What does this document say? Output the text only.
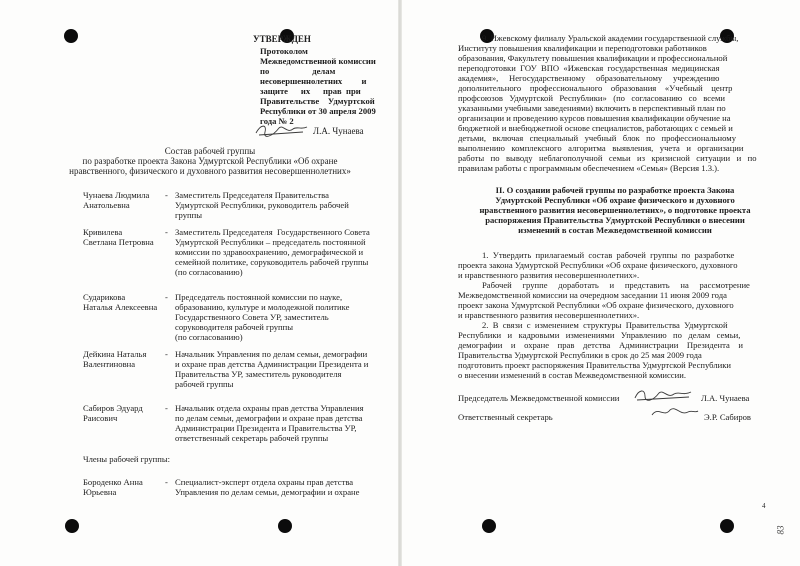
УТВЕРЖДЕН
Протоколом
Межведомственной комиссии
по                    делам
несовершеннолетних         и
защите      их      прав  при
Правительстве    Удмуртской
Республики от 30 апреля 2009
года № 2
Л.А. Чунаева
Состав рабочей группы
по разработке проекта Закона Удмуртской Республики «Об охране
нравственного, физического и духовного развития несовершеннолетних»
Чунаева Людмила
Анатольевна
- Заместитель Председателя Правительства
Удмуртской Республики, руководитель рабочей
группы
Кривилева
Светлана Петровна
- Заместитель Председателя  Государственного Совета
Удмуртской Республики – председатель постоянной
комиссии по здравоохранению, демографической и
семейной политике, соруководитель рабочей группы
(по согласованию)
Сударикова
Наталья Алексеевна
- Председатель постоянной комиссии по науке,
образованию, культуре и молодежной политике
Государственного Совета УР, заместитель
соруководителя рабочей группы
(по согласованию)
Дейкина Наталья
Валентиновна
- Начальник Управления по делам семьи, демографии
и охране прав детства Администрации Президента и
Правительства УР, заместитель руководителя
рабочей группы
Сабиров Эдуард
Раисович
- Начальник отдела охраны прав детства Управления
по делам семьи, демографии и охране прав детства
Администрации Президента и Правительства УР,
ответственный секретарь рабочей группы
Члены рабочей группы:
Бороденко Анна
Юрьевна
- Специалист-эксперт отдела охраны прав детства
Управления по делам семьи, демографии и охране
9. Ижевскому филиалу Уральской академии государственной службы,
Институту повышения квалификации и переподготовки работников
образования, Факультету повышения квалификации и профессиональной
переподготовки  ГОУ  ВПО  «Ижевская  государственная  медицинская
академия»,     Негосударственному     образовательному     учреждению
дополнительного    профессионального    образования    «Учебный    центр
профсоюзов   Удмуртской   Республики»   (по   согласованию   со   всеми
указанными учебными заведениями) включить в перспективный план по
организации и проведению курсов повышения квалификации обучение на
бюджетной и внебюджетной основе специалистов, работающих с семьей и
детьми,   включая   специальный   учебный   блок   по   профессиональному
выполнению   комплексного   алгоритма   выявления,   учета   и   организации
работы   по   выводу   неблагополучной   семьи   из   кризисной   ситуации   и   по
правилам работы с программным обеспечением «Семья» (Версия 1.3.).
II. О создании рабочей группы по разработке проекта Закона
Удмуртской Республики «Об охране физического и духовного
нравственного развития несовершеннолетних», о подготовке проекта
распоряжения Правительства Удмуртской Республики о внесении
изменений в состав Межведомственной комиссии
1.  Утвердить  прилагаемый  состав  рабочей  группы  по  разработке
проекта закона Удмуртской Республики «Об охране физического, духовного
и нравственного развития несовершеннолетних».
Рабочей     группе     доработать     и     представить     на     рассмотрение
Межведомственной комиссии на очередном заседании 11 июня 2009 года
проект закона Удмуртской Республики «Об охране физического, духовного
и нравственного развития несовершеннолетних».
2.  В  связи  с  изменением  структуры  Правительства  Удмуртской
Республики   и   кадровыми   изменениями   Управлению   по   делам   семьи,
демографии    и    охране    прав    детства    Администрации    Президента    и
Правительства Удмуртской Республики в срок до 25 мая 2009 года
подготовить проект распоряжения Правительства Удмуртской Республики
о внесении изменений в состав Межведомственной комиссии.
Председатель Межведомственной комиссии	Л.А. Чунаева
Ответственный секретарь	Э.Р. Сабиров
4
83
